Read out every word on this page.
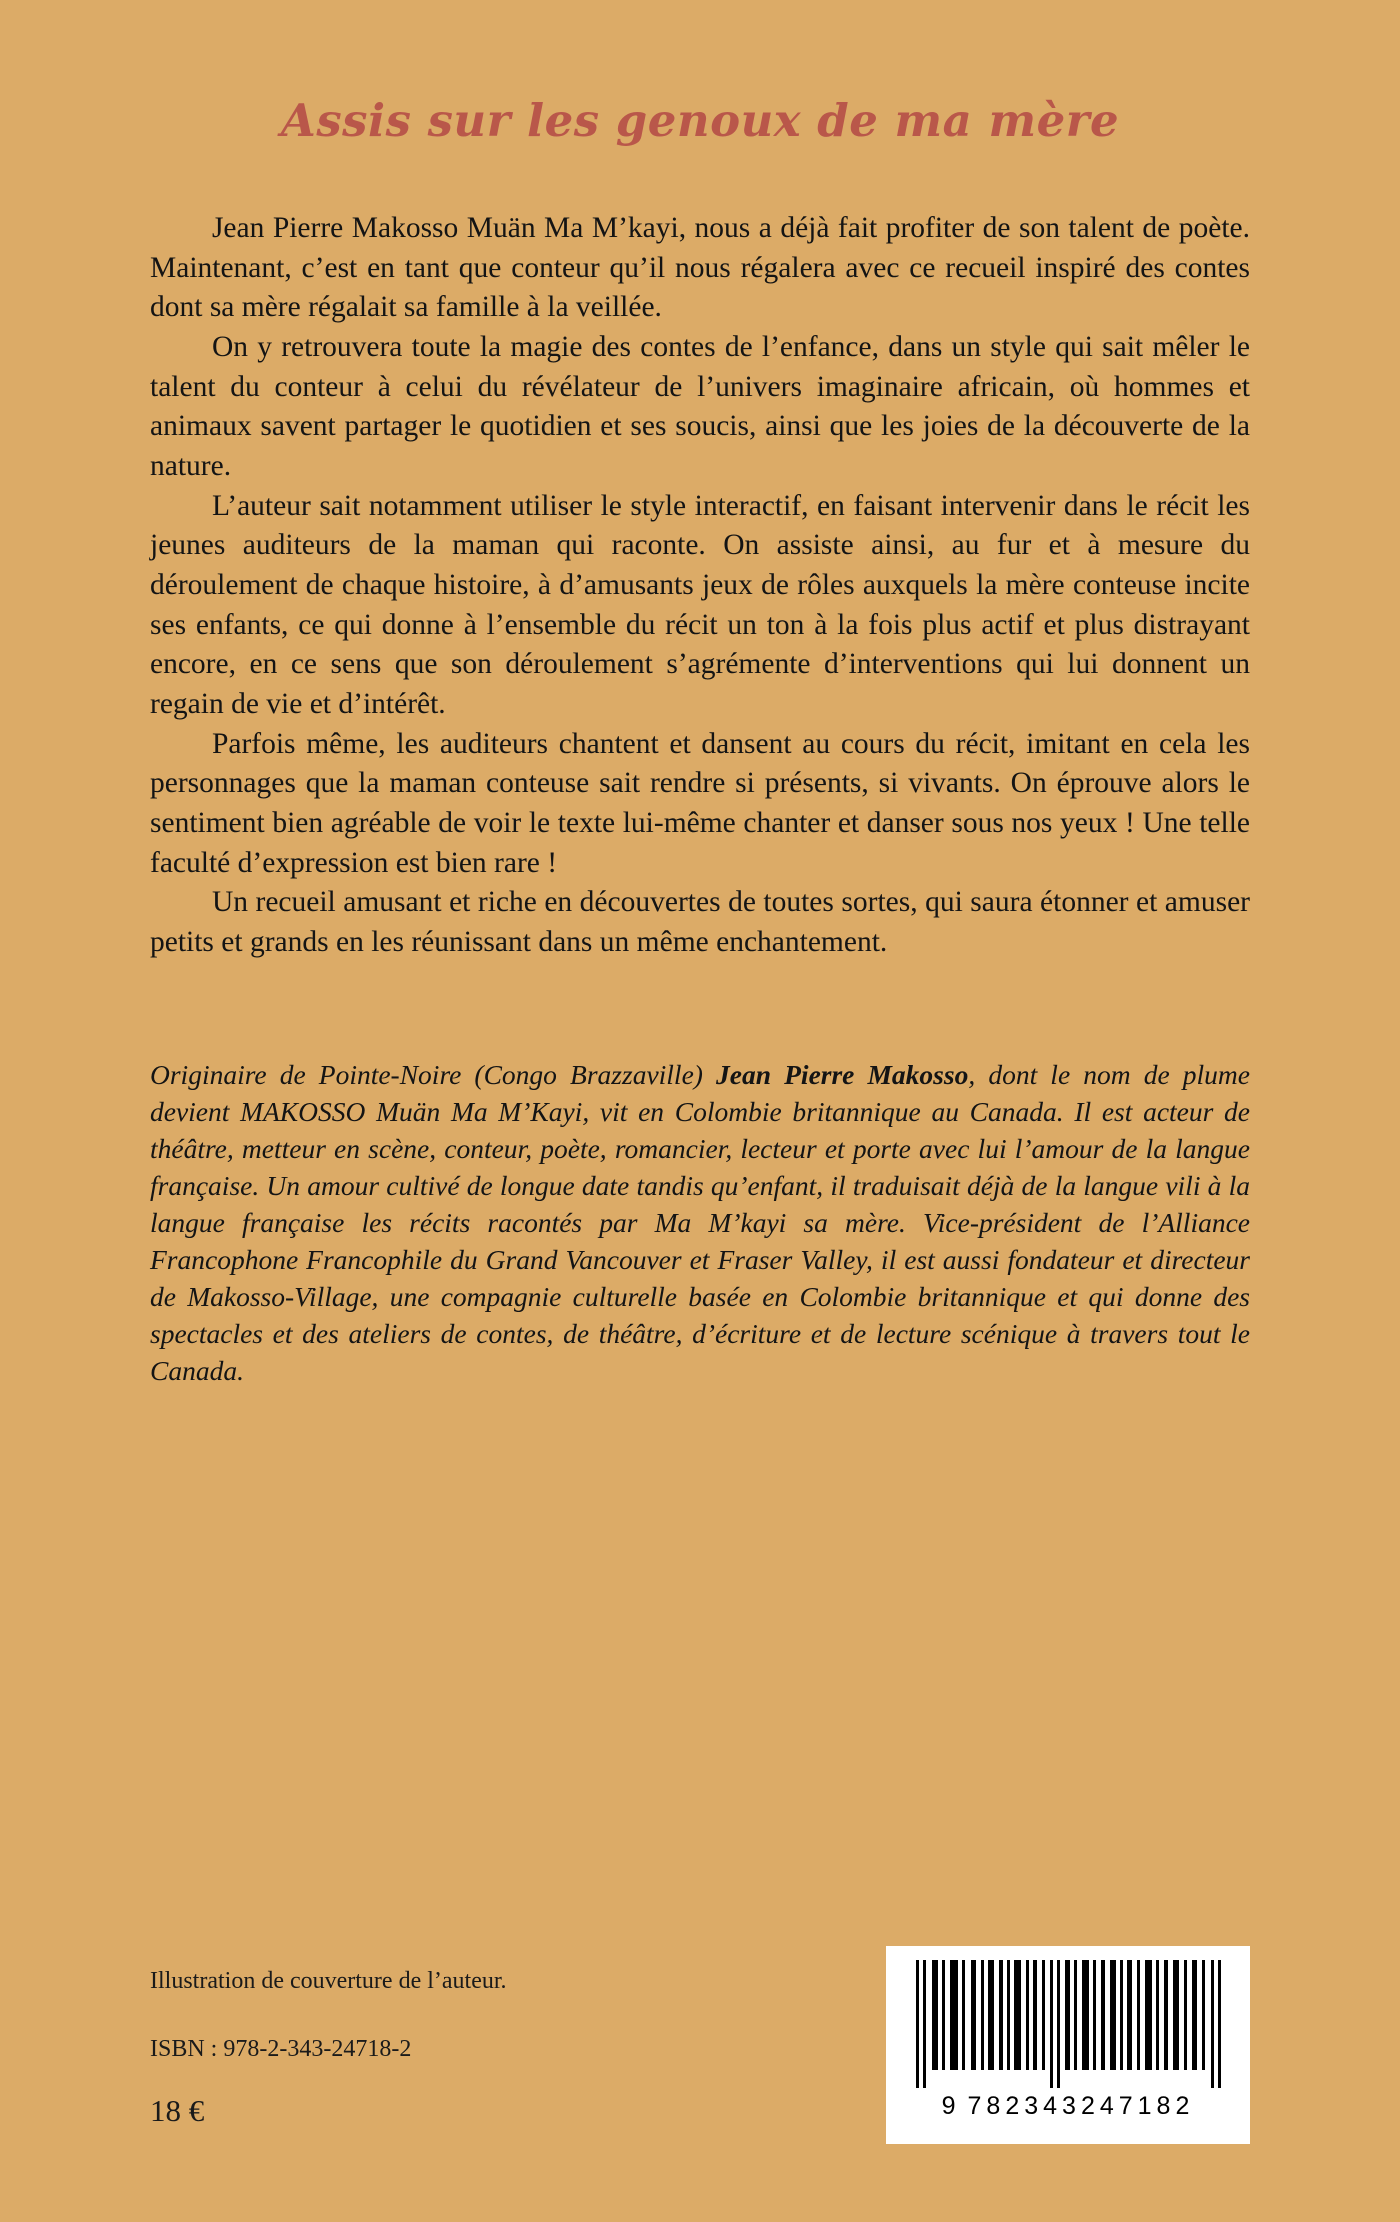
Assis sur les genoux de ma mère

Jean Pierre Makosso Muän Ma M’kayi, nous a déjà fait profiter de son talent de poète. Maintenant, c’est en tant que conteur qu’il nous régalera avec ce recueil inspiré des contes dont sa mère régalait sa famille à la veillée.

On y retrouvera toute la magie des contes de l’enfance, dans un style qui sait mêler le talent du conteur à celui du révélateur de l’univers imaginaire africain, où hommes et animaux savent partager le quotidien et ses soucis, ainsi que les joies de la découverte de la nature.

L’auteur sait notamment utiliser le style interactif, en faisant intervenir dans le récit les jeunes auditeurs de la maman qui raconte. On assiste ainsi, au fur et à mesure du déroulement de chaque histoire, à d’amusants jeux de rôles auxquels la mère conteuse incite ses enfants, ce qui donne à l’ensemble du récit un ton à la fois plus actif et plus distrayant encore, en ce sens que son déroulement s’agrémente d’interventions qui lui donnent un regain de vie et d’intérêt.

Parfois même, les auditeurs chantent et dansent au cours du récit, imitant en cela les personnages que la maman conteuse sait rendre si présents, si vivants. On éprouve alors le sentiment bien agréable de voir le texte lui-même chanter et danser sous nos yeux ! Une telle faculté d’expression est bien rare !

Un recueil amusant et riche en découvertes de toutes sortes, qui saura étonner et amuser petits et grands en les réunissant dans un même enchantement.

Originaire de Pointe-Noire (Congo Brazzaville) Jean Pierre Makosso, dont le nom de plume devient MAKOSSO Muän Ma M’Kayi, vit en Colombie britannique au Canada. Il est acteur de théâtre, metteur en scène, conteur, poète, romancier, lecteur et porte avec lui l’amour de la langue française. Un amour cultivé de longue date tandis qu’enfant, il traduisait déjà de la langue vili à la langue française les récits racontés par Ma M’kayi sa mère. Vice-président de l’Alliance Francophone Francophile du Grand Vancouver et Fraser Valley, il est aussi fondateur et directeur de Makosso-Village, une compagnie culturelle basée en Colombie britannique et qui donne des spectacles et des ateliers de contes, de théâtre, d’écriture et de lecture scénique à travers tout le Canada.

Illustration de couverture de l’auteur.

ISBN : 978-2-343-24718-2

18 €	9 782343247182
